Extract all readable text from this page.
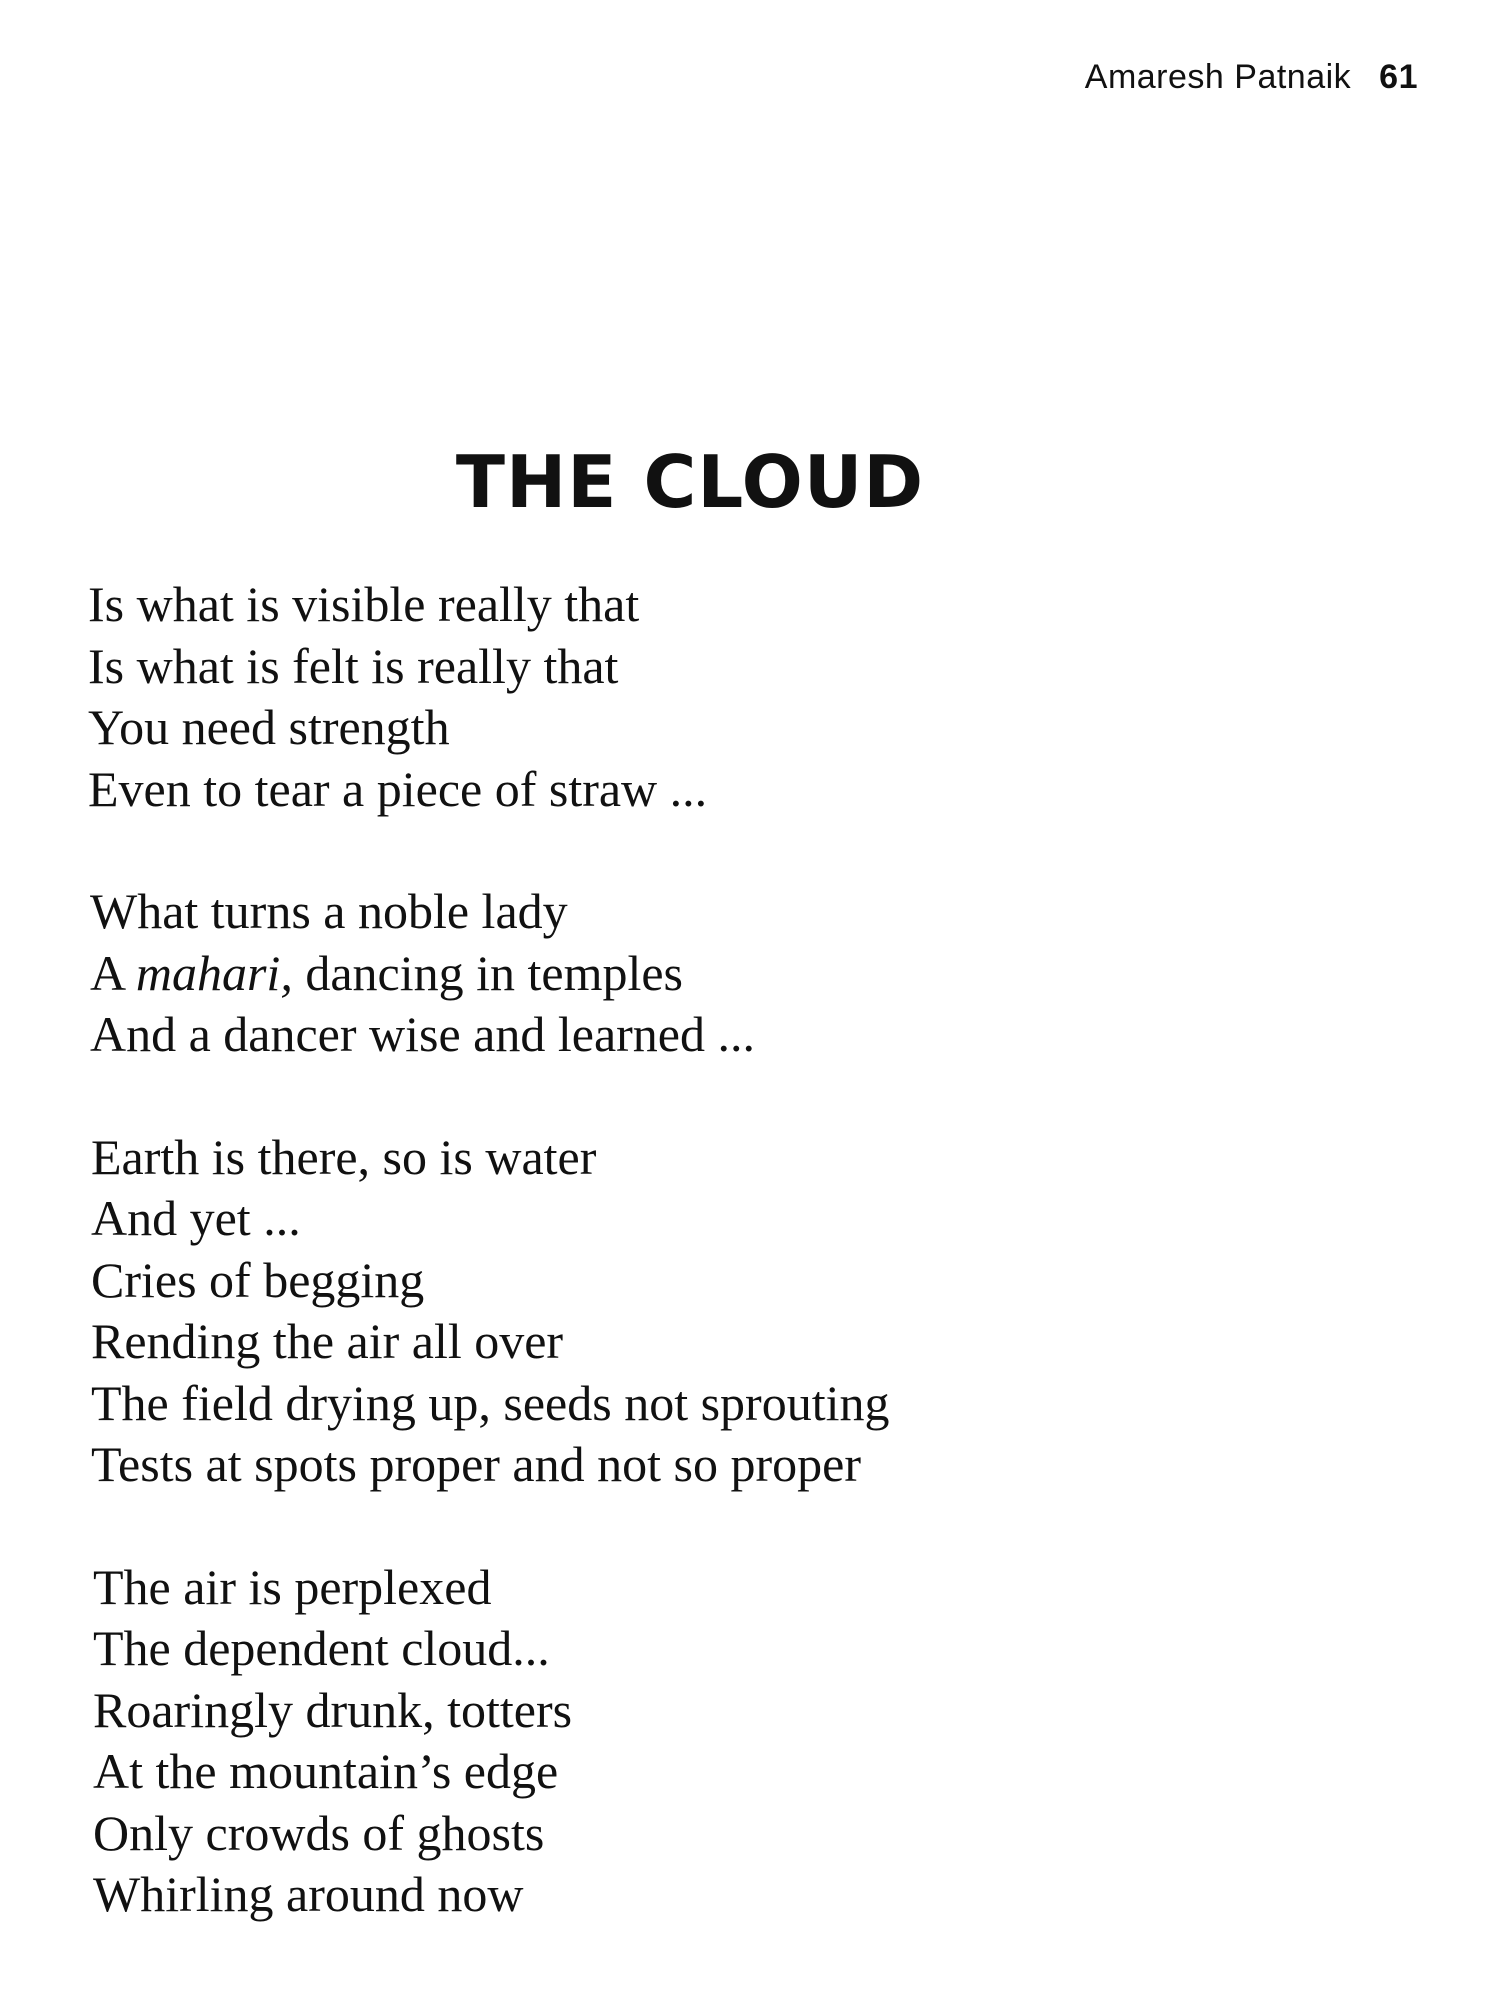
Amaresh Patnaik 61
THE CLOUD
Is what is visible really that
Is what is felt is really that
You need strength
Even to tear a piece of straw ...
What turns a noble lady
A mahari, dancing in temples
And a dancer wise and learned ...
Earth is there, so is water
And yet ...
Cries of begging
Rending the air all over
The field drying up, seeds not sprouting
Tests at spots proper and not so proper
The air is perplexed
The dependent cloud...
Roaringly drunk, totters
At the mountain’s edge
Only crowds of ghosts
Whirling around now
